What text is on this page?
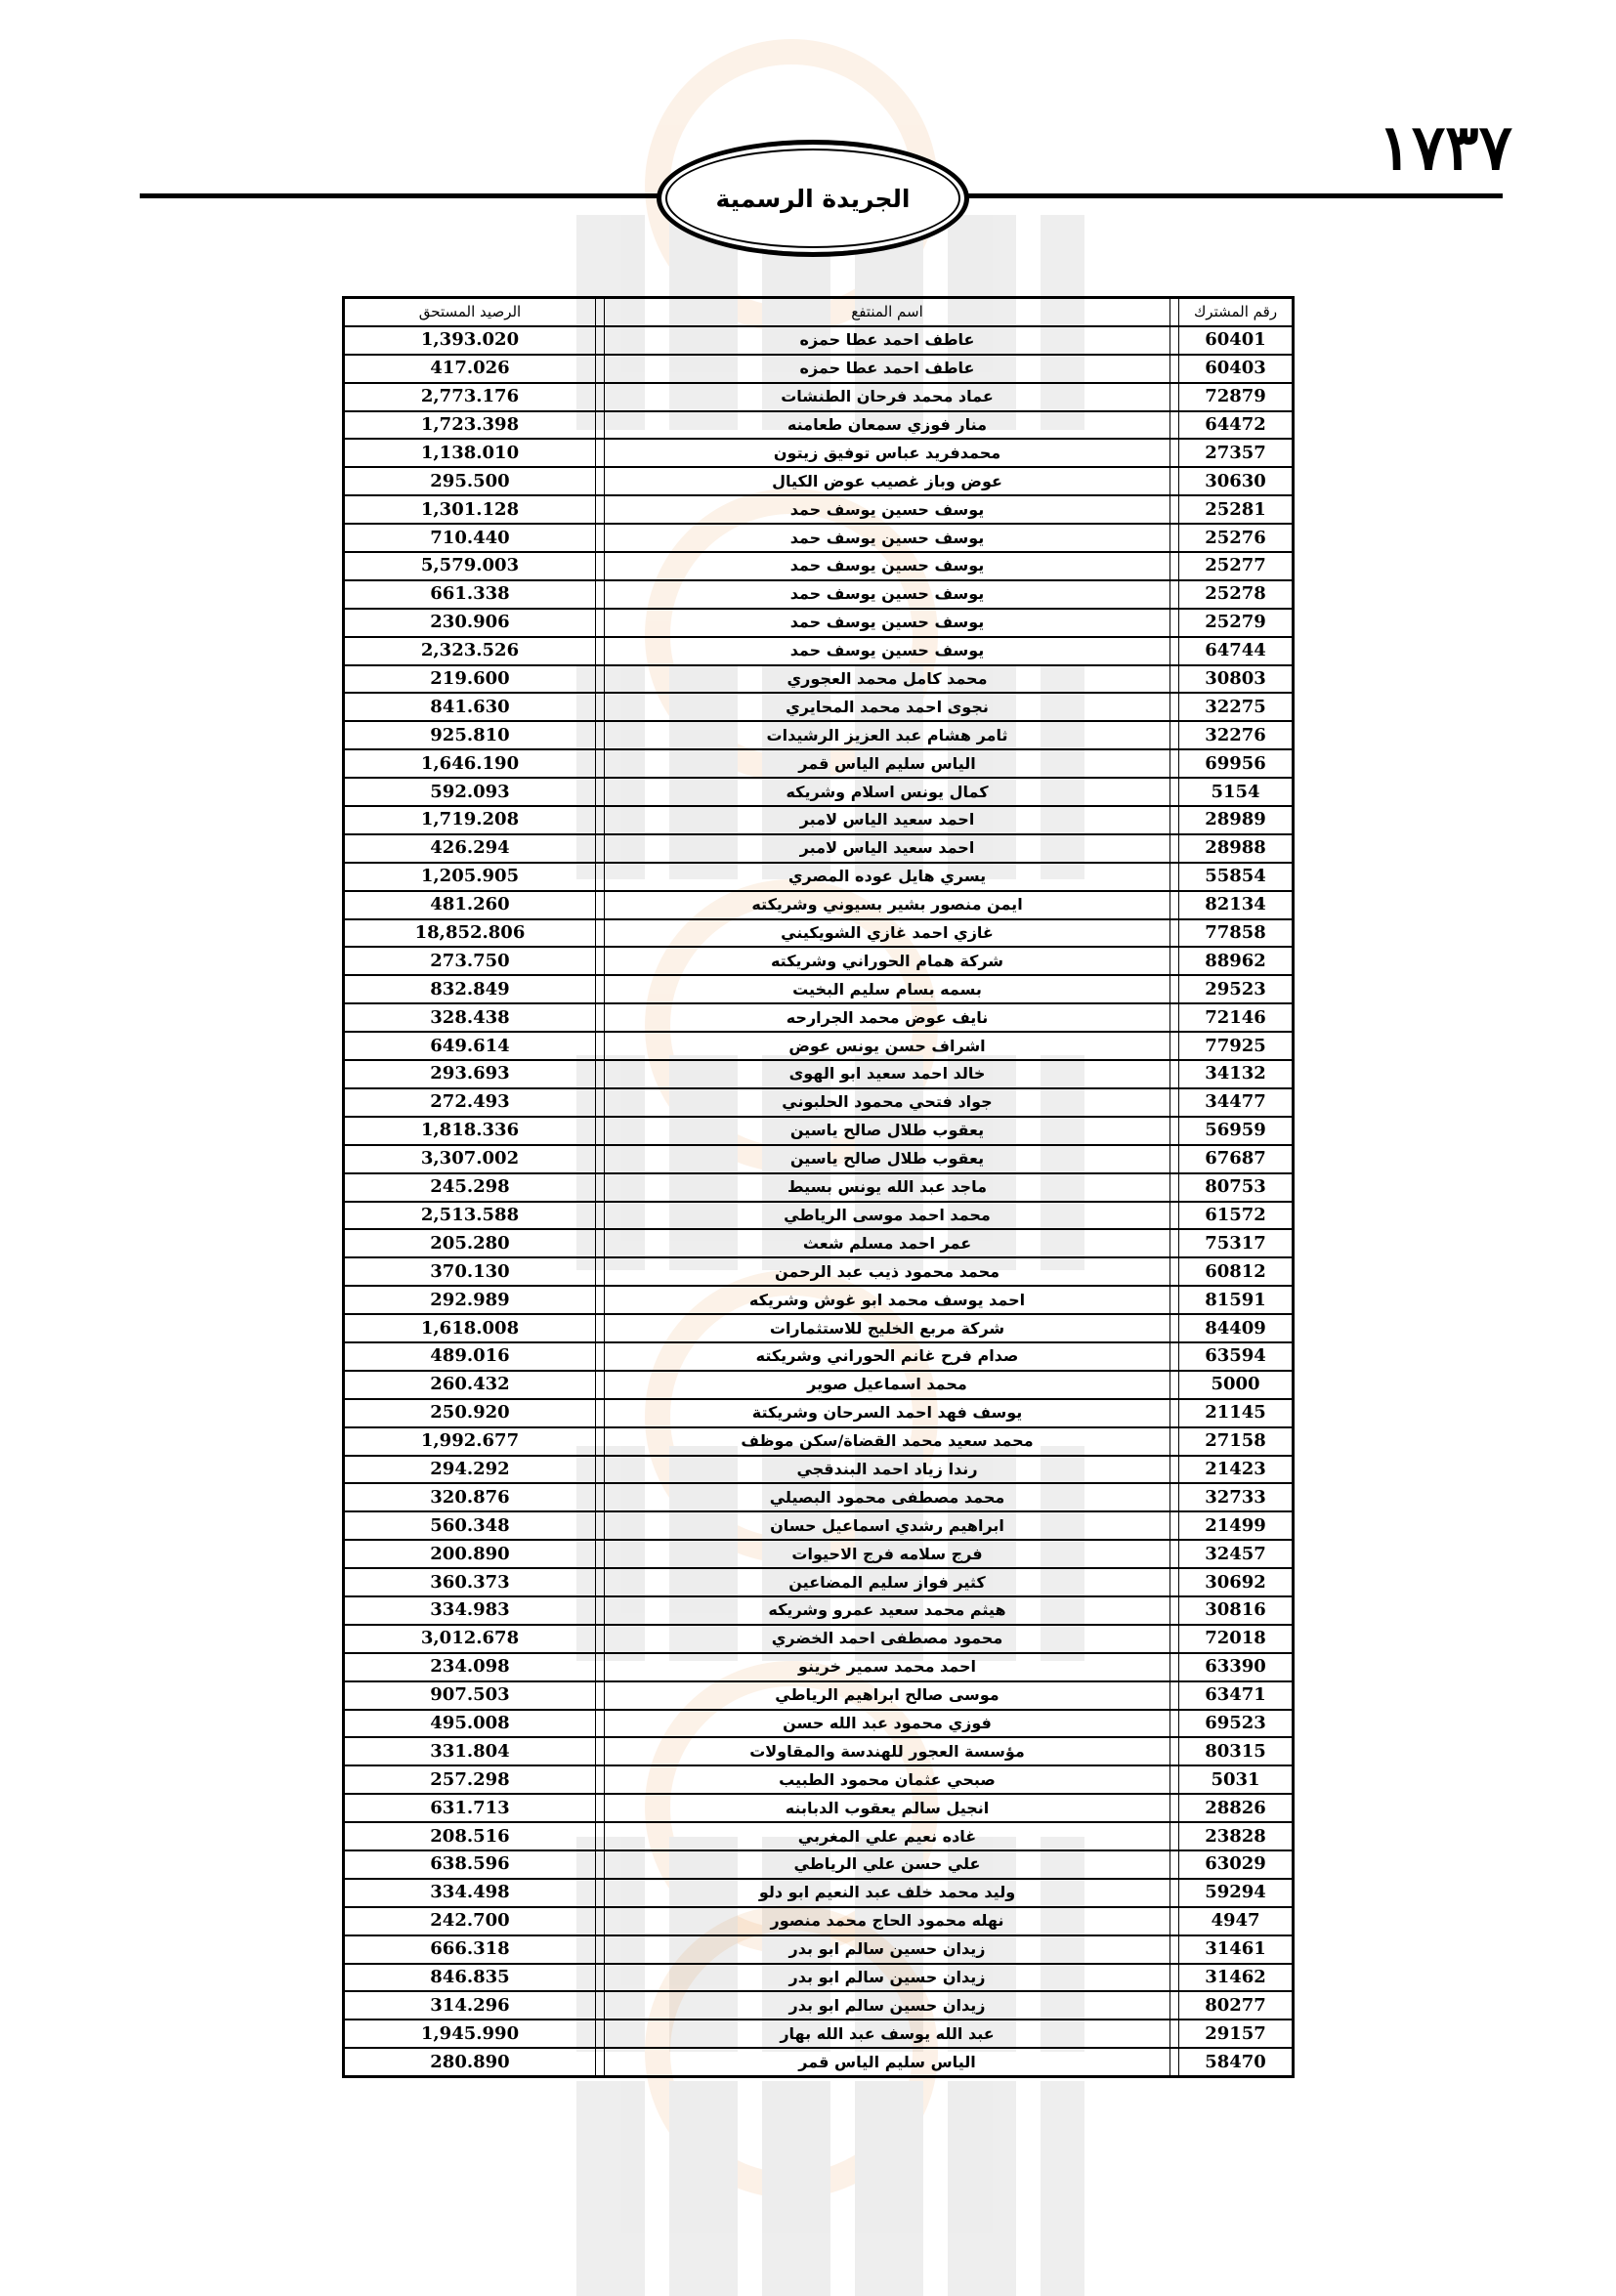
١٧٣٧
الجريدة الرسمية
الرصيد المستحق		اسم المنتفع		رقم المشترك
1,393.020		عاطف احمد عطا حمزه		60401
417.026		عاطف احمد عطا حمزه		60403
2,773.176		عماد محمد فرحان الطنشات		72879
1,723.398		منار فوزي سمعان طعامنه		64472
1,138.010		محمدفريد عباس توفيق زيتون		27357
295.500		عوض وباز غصيب عوض الكيال		30630
1,301.128		يوسف حسين يوسف حمد		25281
710.440		يوسف حسين يوسف حمد		25276
5,579.003		يوسف حسين يوسف حمد		25277
661.338		يوسف حسين يوسف حمد		25278
230.906		يوسف حسين يوسف حمد		25279
2,323.526		يوسف حسين يوسف حمد		64744
219.600		محمد كامل محمد العجوري		30803
841.630		نجوى احمد محمد المحايري		32275
925.810		ثامر هشام عبد العزيز الرشيدات		32276
1,646.190		الياس سليم الياس قمر		69956
592.093		كمال يونس اسلام وشريكه		5154
1,719.208		احمد سعيد الياس لامبر		28989
426.294		احمد سعيد الياس لامبر		28988
1,205.905		يسري هايل عوده المصري		55854
481.260		ايمن منصور بشير بسيوني وشريكته		82134
18,852.806		غازي احمد غازي الشويكيني		77858
273.750		شركة همام الحوراني وشريكته		88962
832.849		بسمه بسام سليم البخيت		29523
328.438		نايف عوض محمد الجرارحه		72146
649.614		اشراف حسن يونس عوض		77925
293.693		خالد احمد سعيد ابو الهوى		34132
272.493		جواد فتحي محمود الحلبوني		34477
1,818.336		يعقوب طلال صالح ياسين		56959
3,307.002		يعقوب طلال صالح ياسين		67687
245.298		ماجد عبد الله يونس بسيط		80753
2,513.588		محمد احمد موسى الرياطي		61572
205.280		عمر احمد مسلم شعث		75317
370.130		محمد محمود ذيب عبد الرحمن		60812
292.989		احمد يوسف محمد ابو غوش وشريكه		81591
1,618.008		شركة مربع الخليج للاستثمارات		84409
489.016		صدام فرح غانم الحوراني وشريكته		63594
260.432		محمد اسماعيل صوير		5000
250.920		يوسف فهد احمد السرحان وشريكتة		21145
1,992.677		محمد سعيد محمد القضاة/سكن موظف		27158
294.292		رندا زياد احمد البندقجي		21423
320.876		محمد مصطفى محمود البصيلي		32733
560.348		ابراهيم رشدي اسماعيل حسان		21499
200.890		فرج سلامه فرج الاحيوات		32457
360.373		كثير فواز سليم المضاعين		30692
334.983		هيثم محمد سعيد عمرو وشريكه		30816
3,012.678		محمود مصطفى احمد الخضري		72018
234.098		احمد محمد سمير خرينو		63390
907.503		موسى صالح ابراهيم الرياطي		63471
495.008		فوزي محمود عبد الله حسن		69523
331.804		مؤسسة العجور للهندسة والمقاولات		80315
257.298		صبحي عثمان محمود الطبيب		5031
631.713		انجيل سالم يعقوب الدبابنه		28826
208.516		غاده نعيم علي المغربي		23828
638.596		علي حسن علي الرياطي		63029
334.498		وليد محمد خلف عبد النعيم ابو دلو		59294
242.700		نهله محمود الحاج محمد منصور		4947
666.318		زيدان حسين سالم ابو بدر		31461
846.835		زيدان حسين سالم ابو بدر		31462
314.296		زيدان حسين سالم ابو بدر		80277
1,945.990		عبد الله يوسف عبد الله بهار		29157
280.890		الياس سليم الياس قمر		58470
